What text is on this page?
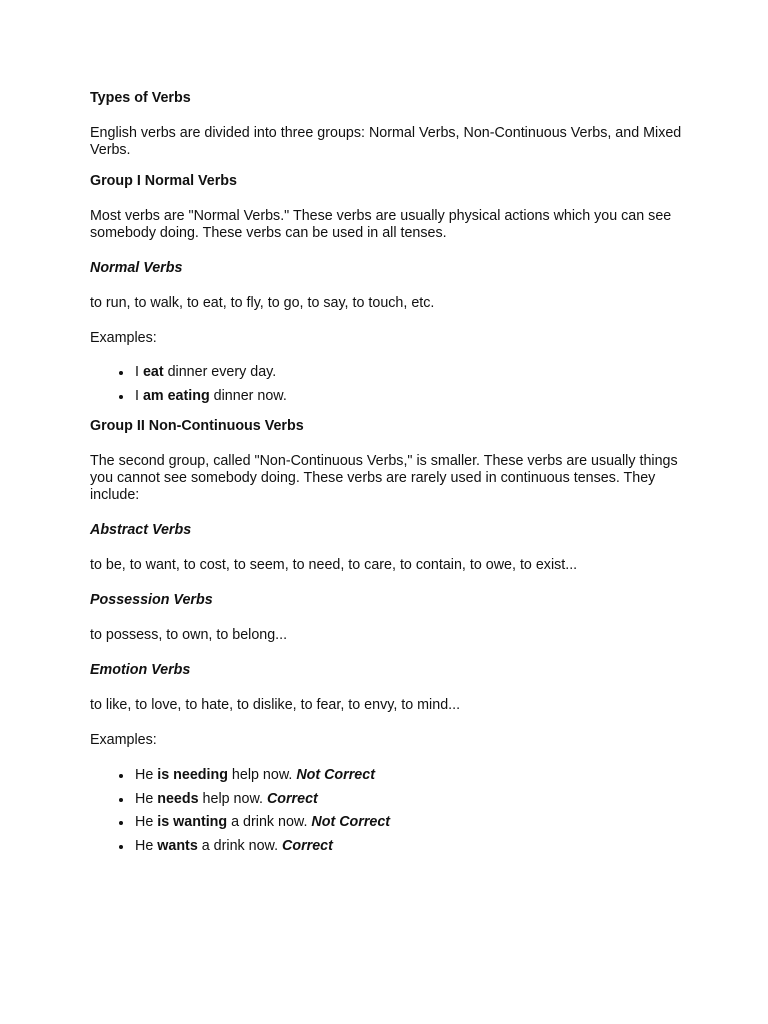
Types of Verbs

English verbs are divided into three groups: Normal Verbs, Non-Continuous Verbs, and Mixed Verbs.

Group I Normal Verbs

Most verbs are "Normal Verbs." These verbs are usually physical actions which you can see somebody doing. These verbs can be used in all tenses.

Normal Verbs

to run, to walk, to eat, to fly, to go, to say, to touch, etc.

Examples:

I eat dinner every day.
I am eating dinner now.

Group II Non-Continuous Verbs

The second group, called "Non-Continuous Verbs," is smaller. These verbs are usually things you cannot see somebody doing. These verbs are rarely used in continuous tenses. They include:

Abstract Verbs

to be, to want, to cost, to seem, to need, to care, to contain, to owe, to exist...

Possession Verbs

to possess, to own, to belong...

Emotion Verbs

to like, to love, to hate, to dislike, to fear, to envy, to mind...

Examples:

He is needing help now. Not Correct
He needs help now. Correct
He is wanting a drink now. Not Correct
He wants a drink now. Correct
